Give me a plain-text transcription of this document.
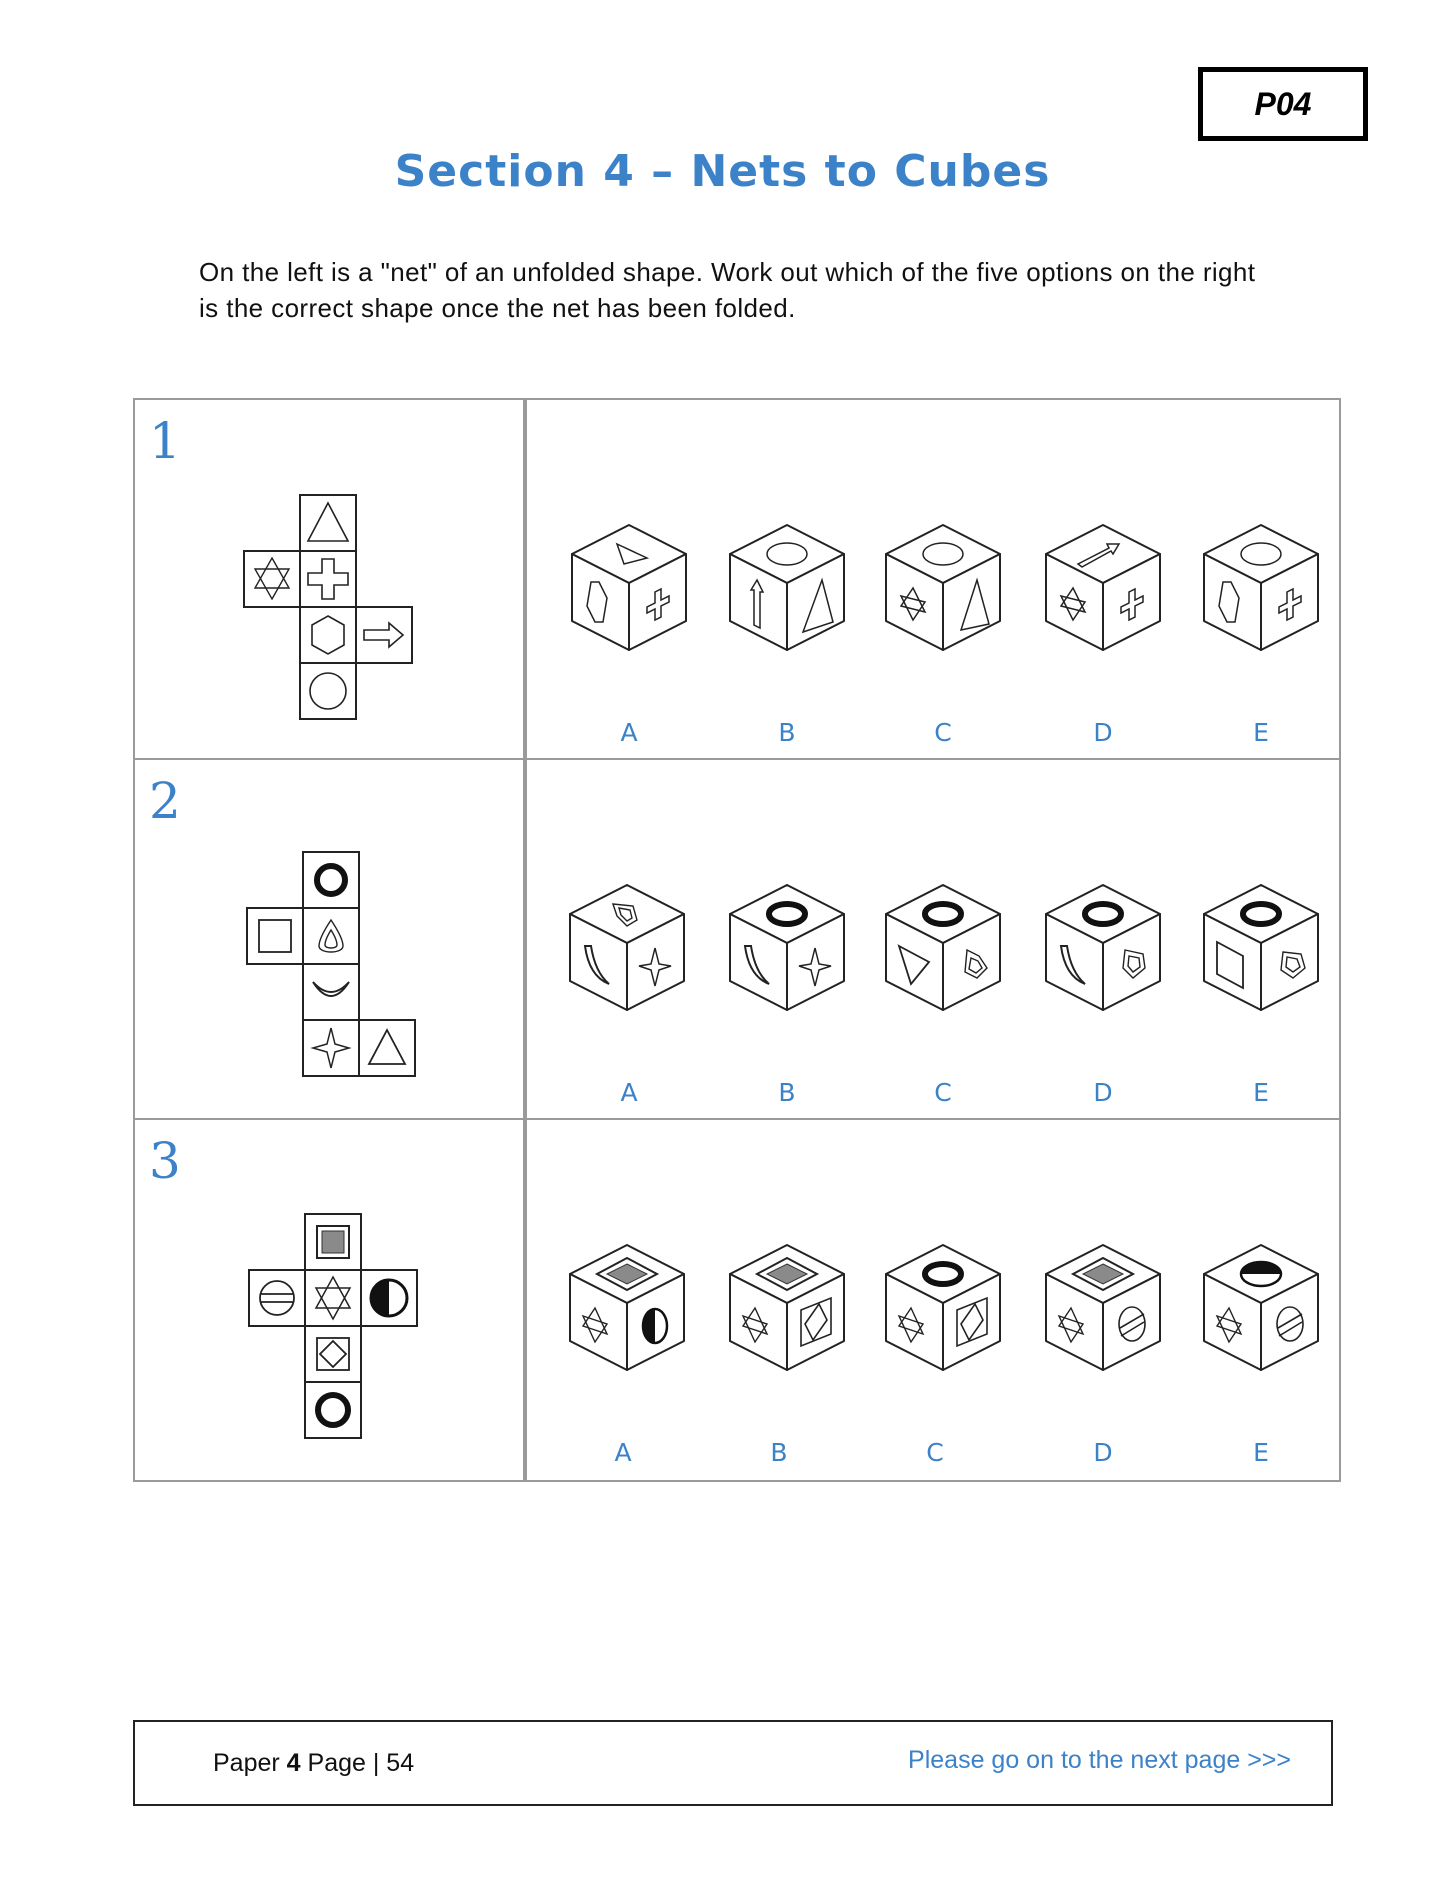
P04
Section 4 – Nets to Cubes

On the left is a "net" of an unfolded shape. Work out which of the five options on the right is the correct shape once the net has been folded.

1
A	B	C	D	E
2
A	B	C	D	E
3
A	B	C	D	E
Paper 4 Page | 54	Please go on to the next page >>>
